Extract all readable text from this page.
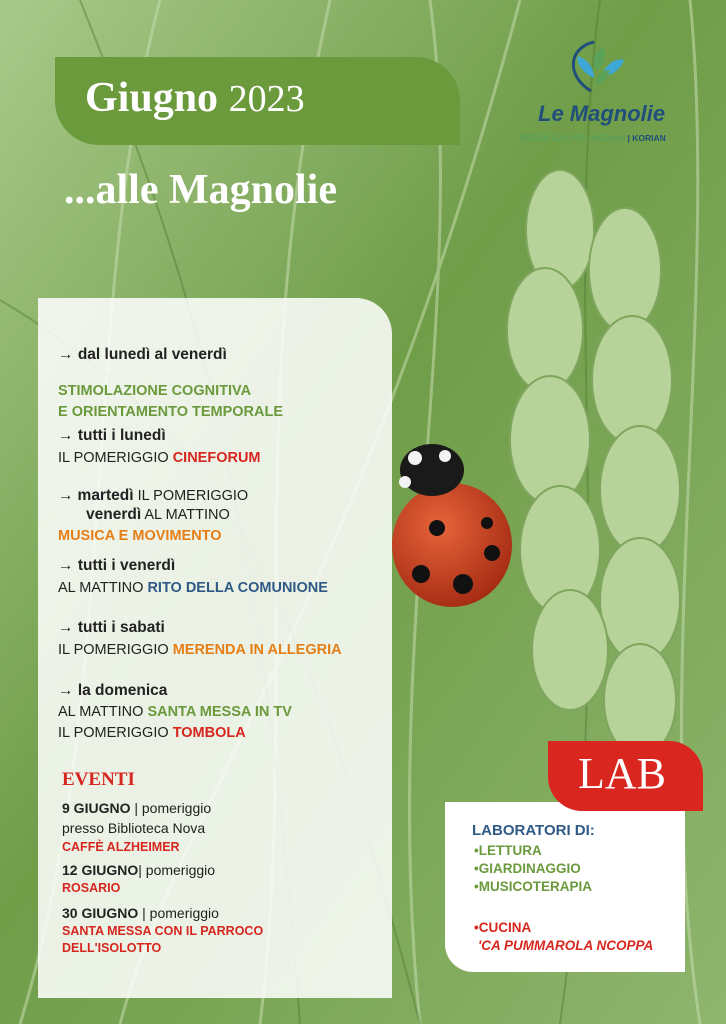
Giugno 2023
...alle Magnolie
Le Magnolie
RESIDENZA PER ANZIANI | KORIAN
→ dal lunedì al venerdì
STIMOLAZIONE COGNITIVA
E ORIENTAMENTO TEMPORALE
→ tutti i lunedì
IL POMERIGGIO CINEFORUM
→ martedì IL POMERIGGIO
venerdì AL MATTINO
MUSICA E MOVIMENTO
→ tutti i venerdì
AL MATTINO RITO DELLA COMUNIONE
→ tutti i sabati
IL POMERIGGIO MERENDA IN ALLEGRIA
→ la domenica
AL MATTINO SANTA MESSA IN TV
IL POMERIGGIO TOMBOLA
EVENTI
9 GIUGNO | pomeriggio
presso Biblioteca Nova
CAFFÈ ALZHEIMER
12 GIUGNO| pomeriggio
ROSARIO
30 GIUGNO | pomeriggio
SANTA MESSA CON IL PARROCO
DELL'ISOLOTTO
LAB
LABORATORI DI:
•LETTURA
•GIARDINAGGIO
•MUSICOTERAPIA
•CUCINA
'CA PUMMAROLA NCOPPA
